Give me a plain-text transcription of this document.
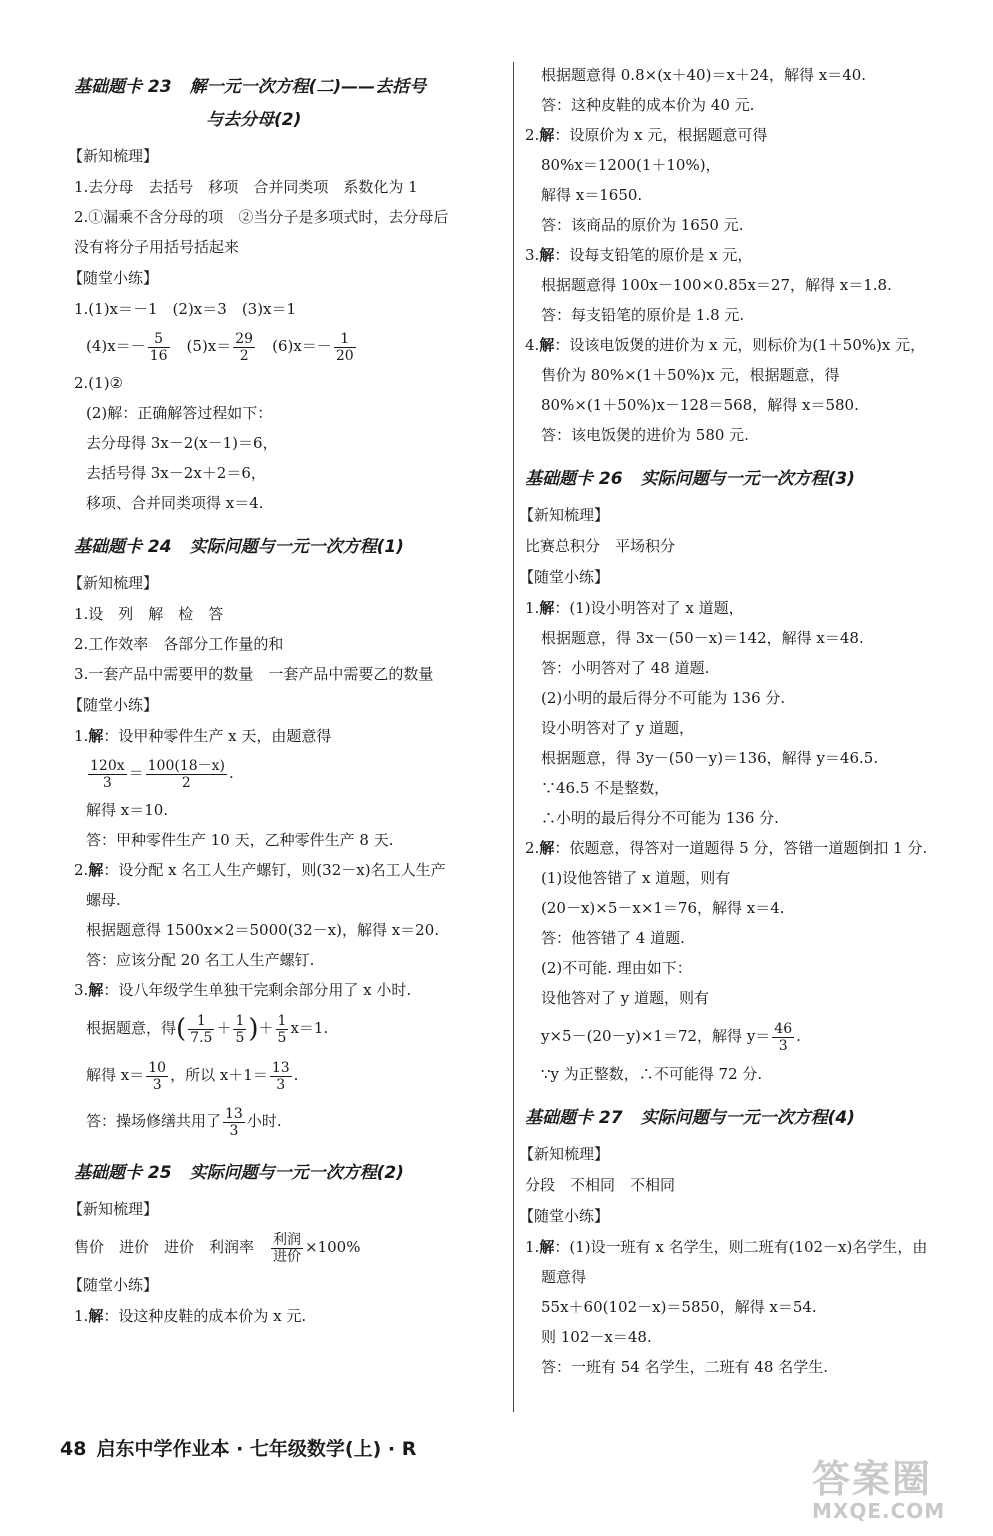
基础题卡 23 解一元一次方程(二)——去括号
与去分母(2)
【新知梳理】
1.去分母　去括号　移项　合并同类项　系数化为 1
2.①漏乘不含分母的项　②当分子是多项式时，去分母后
没有将分子用括号括起来
【随堂小练】
1.(1)x＝－1　(2)x＝3　(3)x＝1
$(4)x=- \frac{5}{16}$ 　$(5)x= \frac{29}{2}$ 　$(6)x=- \frac{1}{20}$
2.(1)②
(2)解：正确解答过程如下：
去分母得 3x－2(x－1)＝6，
去括号得 3x－2x＋2＝6，
移项、合并同类项得 x＝4.
基础题卡 24 实际问题与一元一次方程(1)
【新知梳理】
1.设　列　解　检　答
2.工作效率　各部分工作量的和
3.一套产品中需要甲的数量　一套产品中需要乙的数量
【随堂小练】
1.解：设甲种零件生产 x 天，由题意得
$\frac{120x}{3} = \frac{100(18-x)}{2}$ .
解得 x＝10.
答：甲种零件生产 10 天，乙种零件生产 8 天.
2.解：设分配 x 名工人生产螺钉，则(32－x)名工人生产
螺母.
根据题意得 1500x×2＝5000(32－x)，解得 x＝20.
答：应该分配 20 名工人生产螺钉.
3.解：设八年级学生单独干完剩余部分用了 x 小时.
根据题意，得( $\frac{1}{7.5} + \frac{1}{5}$ )＋ $\frac{1}{5} x=1$.
解得 $x= \frac{10}{3}$ ，所以 $x+1= \frac{13}{3}$ .
答：操场修缮共用了 $\frac{13}{3}$ 小时.
基础题卡 25 实际问题与一元一次方程(2)
【新知梳理】
售价　进价　进价　利润率　 $\frac{\text{利润}}{\text{进价}} \times 100\%$
【随堂小练】
1.解：设这种皮鞋的成本价为 x 元.
根据题意得 0.8×(x＋40)＝x＋24，解得 x＝40.
答：这种皮鞋的成本价为 40 元.
2.解：设原价为 x 元，根据题意可得
80%x＝1200(1＋10%)，
解得 x＝1650.
答：该商品的原价为 1650 元.
3.解：设每支铅笔的原价是 x 元，
根据题意得 100x－100×0.85x＝27，解得 x＝1.8.
答：每支铅笔的原价是 1.8 元.
4.解：设该电饭煲的进价为 x 元，则标价为(1＋50%)x 元，
售价为 80%×(1＋50%)x 元，根据题意，得
80%×(1＋50%)x－128＝568，解得 x＝580.
答：该电饭煲的进价为 580 元.
基础题卡 26 实际问题与一元一次方程(3)
【新知梳理】
比赛总积分　平场积分
【随堂小练】
1.解：(1)设小明答对了 x 道题，
根据题意，得 3x－(50－x)＝142，解得 x＝48.
答：小明答对了 48 道题.
(2)小明的最后得分不可能为 136 分.
设小明答对了 y 道题，
根据题意，得 3y－(50－y)＝136，解得 y＝46.5.
∵46.5 不是整数，
∴小明的最后得分不可能为 136 分.
2.解：依题意，得答对一道题得 5 分，答错一道题倒扣 1 分.
(1)设他答错了 x 道题，则有
(20－x)×5－x×1＝76，解得 x＝4.
答：他答错了 4 道题.
(2)不可能. 理由如下：
设他答对了 y 道题，则有
y×5－(20－y)×1＝72，解得 $y= \frac{46}{3}$ .
∵y 为正整数，∴不可能得 72 分.
基础题卡 27 实际问题与一元一次方程(4)
【新知梳理】
分段　不相同　不相同
【随堂小练】
1.解：(1)设一班有 x 名学生，则二班有(102－x)名学生，由
题意得
55x＋60(102－x)＝5850，解得 x＝54.
则 102－x＝48.
答：一班有 54 名学生，二班有 48 名学生.
48 启东中学作业本 · 七年级数学(上) · R
答案圈
MXQE.COM
